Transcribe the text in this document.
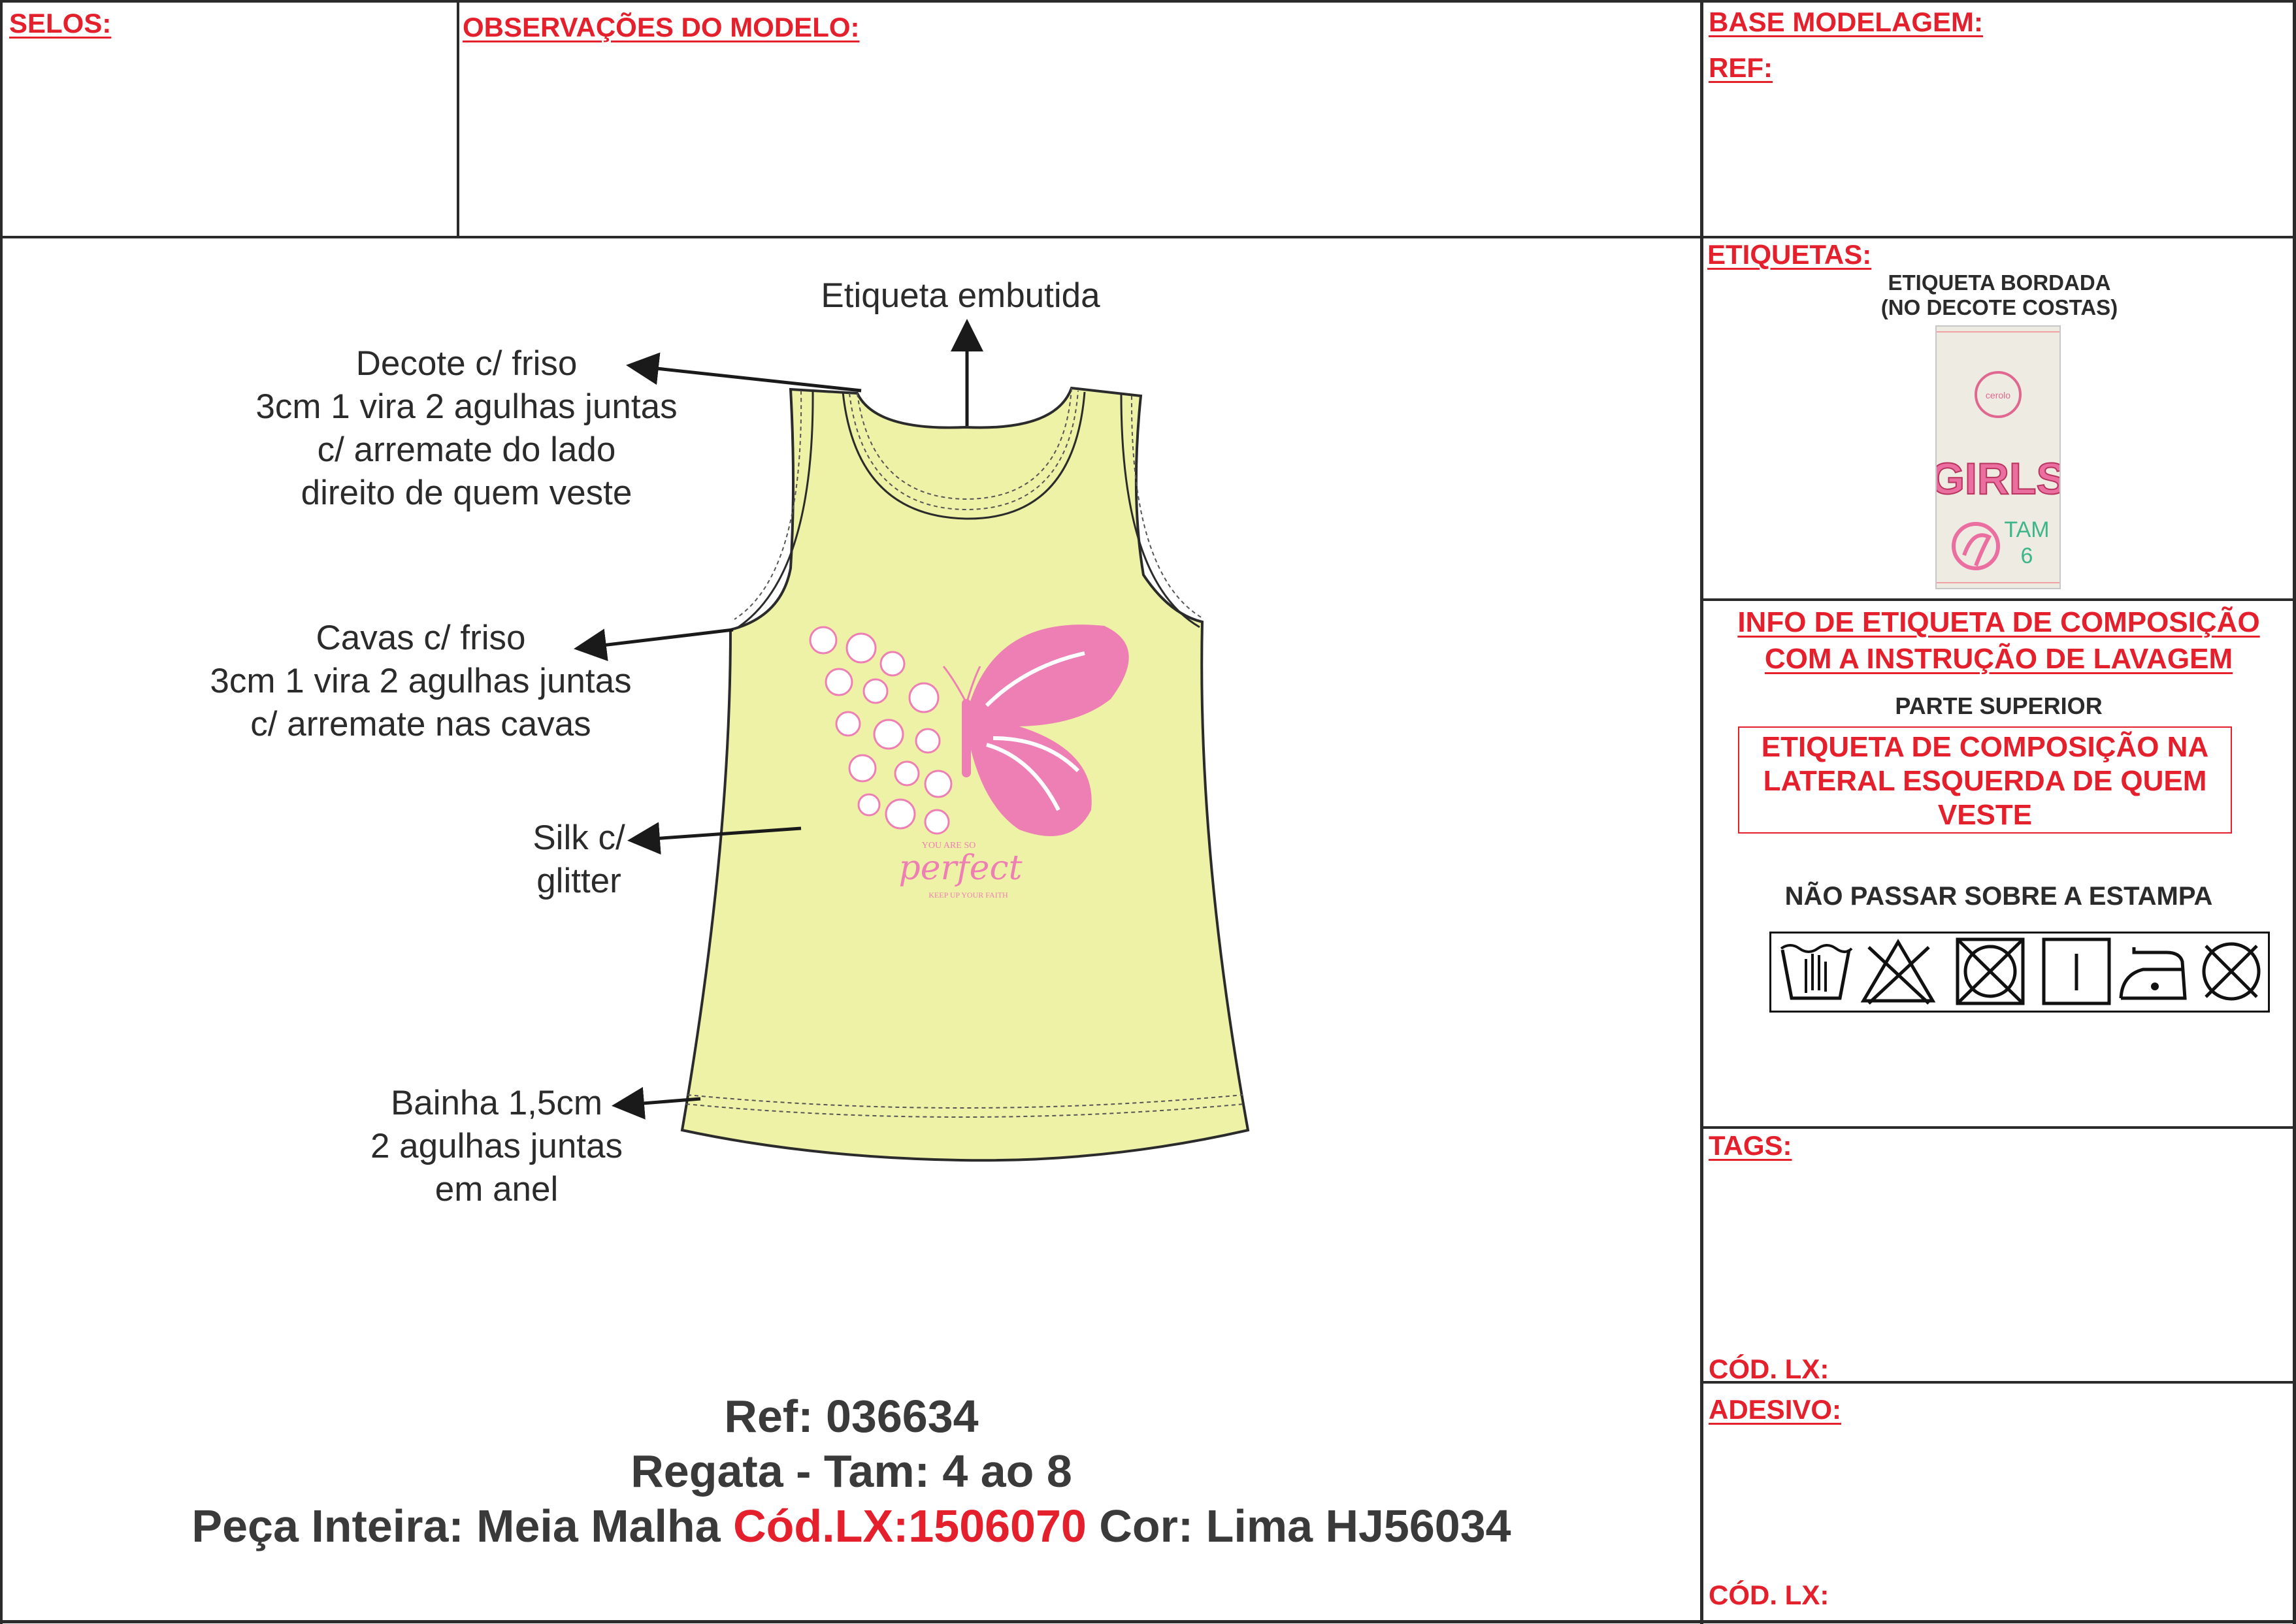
SELOS:	OBSERVAÇÕES DO MODELO:	BASE MODELAGEM:
REF:
ETIQUETAS:
ETIQUETA BORDADA
(NO DECOTE COSTAS)
cerolo
GIRLS
TAM
6
INFO DE ETIQUETA DE COMPOSIÇÃO
COM A INSTRUÇÃO DE LAVAGEM
PARTE SUPERIOR
ETIQUETA DE COMPOSIÇÃO NA
LATERAL ESQUERDA DE QUEM
VESTE
NÃO PASSAR SOBRE A ESTAMPA
TAGS:
CÓD. LX:
ADESIVO:
CÓD. LX:
YOU ARE SO
perfect
KEEP UP YOUR FAITH
Etiqueta embutida
Decote c/ friso
3cm 1 vira 2 agulhas juntas
c/ arremate do lado
direito de quem veste
Cavas c/ friso
3cm 1 vira 2 agulhas juntas
c/ arremate nas cavas
Silk c/
glitter
Bainha 1,5cm
2 agulhas juntas
em anel
Ref: 036634
Regata - Tam: 4 ao 8
Peça Inteira: Meia Malha Cód.LX:1506070 Cor: Lima HJ56034
